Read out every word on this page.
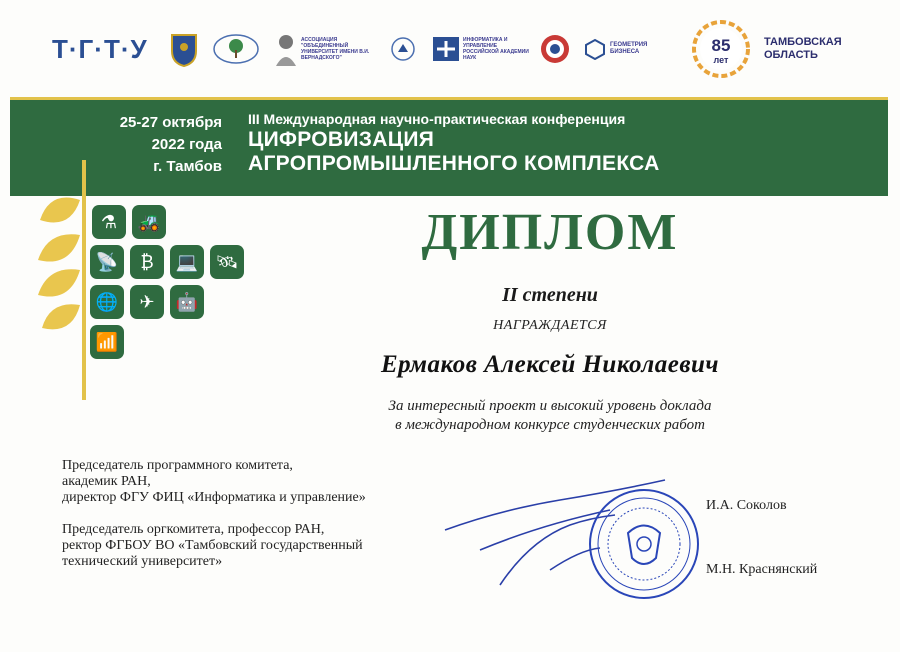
Т·Г·Т·У	АССОЦИАЦИЯ "ОБЪЕДИНЕННЫЙ УНИВЕРСИТЕТ ИМЕНИ В.И. ВЕРНАДСКОГО"
ИНФОРМАТИКА И УПРАВЛЕНИЕ РОССИЙСКОЙ АКАДЕМИИ НАУК
ГЕОМЕТРИЯ БИЗНЕСА	85
лет
ТАМБОВСКАЯ ОБЛАСТЬ
25-27 октября
2022 года
г. Тамбов
III Международная научно-практическая конференция
ЦИФРОВИЗАЦИЯ
АГРОПРОМЫШЛЕННОГО КОМПЛЕКСА
⚗	🚜
📡	₿	💻 🛰
🌐	✈	🤖
📶
ДИПЛОМ
II степени
НАГРАЖДАЕТСЯ
Ермаков Алексей Николаевич
За интересный проект и высокий уровень доклада
в международном конкурсе студенческих работ
Председатель программного комитета,
академик РАН,
директор ФГУ ФИЦ «Информатика и управление»
Председатель оргкомитета, профессор РАН,
ректор ФГБОУ ВО «Тамбовский государственный
технический университет»
И.А. Соколов
М.Н. Краснянский
